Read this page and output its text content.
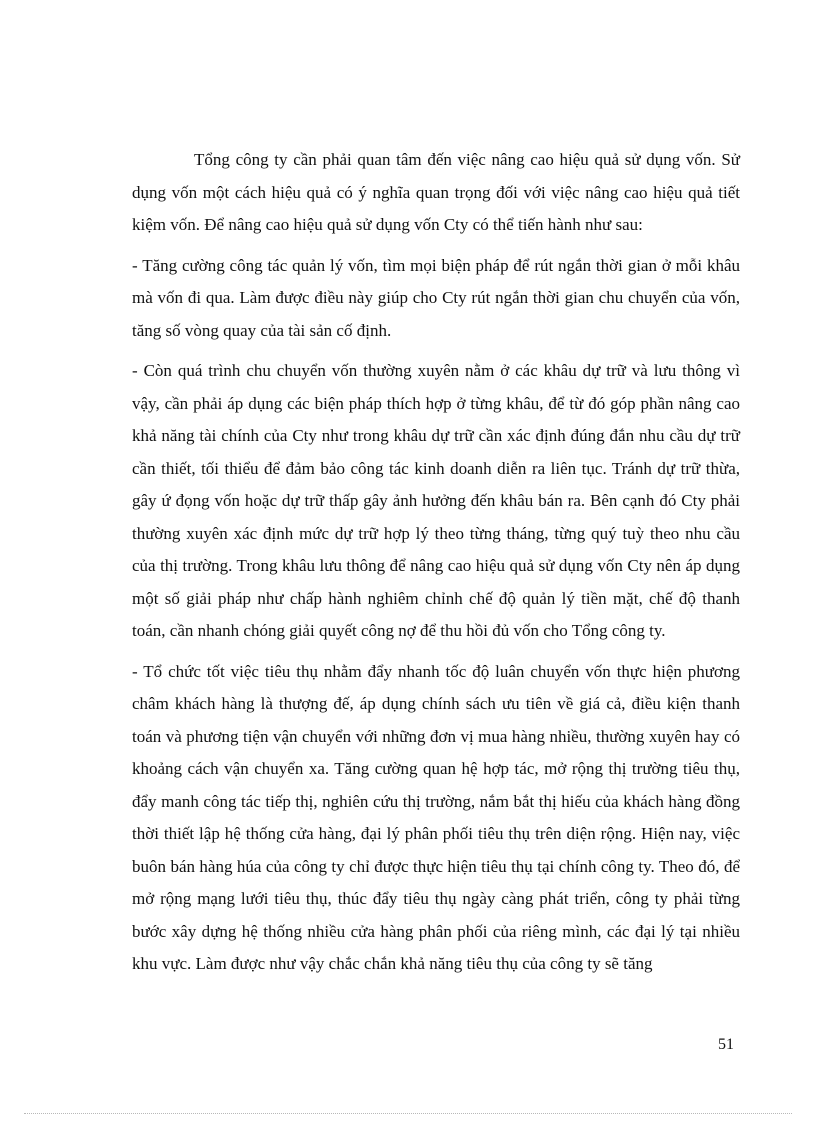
Tổng công ty cần phải quan tâm đến việc nâng cao hiệu quả sử dụng vốn. Sử dụng vốn một cách hiệu quả có ý nghĩa quan trọng đối với việc nâng cao hiệu quả tiết kiệm vốn. Để nâng cao hiệu quả sử dụng vốn Cty có thể tiến hành như sau:

- Tăng cường công tác quản lý vốn, tìm mọi biện pháp để rút ngắn thời gian ở mỗi khâu mà vốn đi qua. Làm được điều này giúp cho Cty rút ngắn thời gian chu chuyển của vốn, tăng số vòng quay của tài sản cố định.

- Còn quá trình chu chuyển vốn thường xuyên nằm ở các khâu dự trữ và lưu thông vì vậy, cần phải áp dụng các biện pháp thích hợp ở từng khâu, để từ đó góp phần nâng cao khả năng tài chính của Cty như trong khâu dự trữ cần xác định đúng đắn nhu cầu dự trữ cần thiết, tối thiểu để đảm bảo công tác kinh doanh diễn ra liên tục. Tránh dự trữ thừa, gây ứ đọng vốn hoặc dự trữ thấp gây ảnh hưởng đến khâu bán ra. Bên cạnh đó Cty phải thường xuyên xác định mức dự trữ hợp lý theo từng tháng, từng quý tuỳ theo nhu cầu của thị trường. Trong khâu lưu thông để nâng cao hiệu quả sử dụng vốn Cty nên áp dụng một số giải pháp như chấp hành nghiêm chỉnh chế độ quản lý tiền mặt, chế độ thanh toán, cần nhanh chóng giải quyết công nợ để thu hồi đủ vốn cho Tổng công ty.

- Tổ chức tốt việc tiêu thụ nhằm đẩy nhanh tốc độ luân chuyển vốn thực hiện phương châm khách hàng là thượng đế, áp dụng chính sách ưu tiên về giá cả, điều kiện thanh toán và phương tiện vận chuyển với những đơn vị mua hàng nhiều, thường xuyên hay có khoảng cách vận chuyển xa. Tăng cường quan hệ hợp tác, mở rộng thị trường tiêu thụ, đẩy manh công tác tiếp thị, nghiên cứu thị trường, nắm bắt thị hiếu của khách hàng đồng thời thiết lập hệ thống cửa hàng, đại lý phân phối tiêu thụ trên diện rộng. Hiện nay, việc buôn bán hàng húa của công ty chỉ được thực hiện tiêu thụ tại chính công ty. Theo đó, để mở rộng mạng lưới tiêu thụ, thúc đẩy tiêu thụ ngày càng phát triển, công ty phải từng bước xây dựng hệ thống nhiều cửa hàng phân phối của riêng mình, các đại lý tại nhiều khu vực. Làm được như vậy chắc chắn khả năng tiêu thụ của công ty sẽ tăng

51
